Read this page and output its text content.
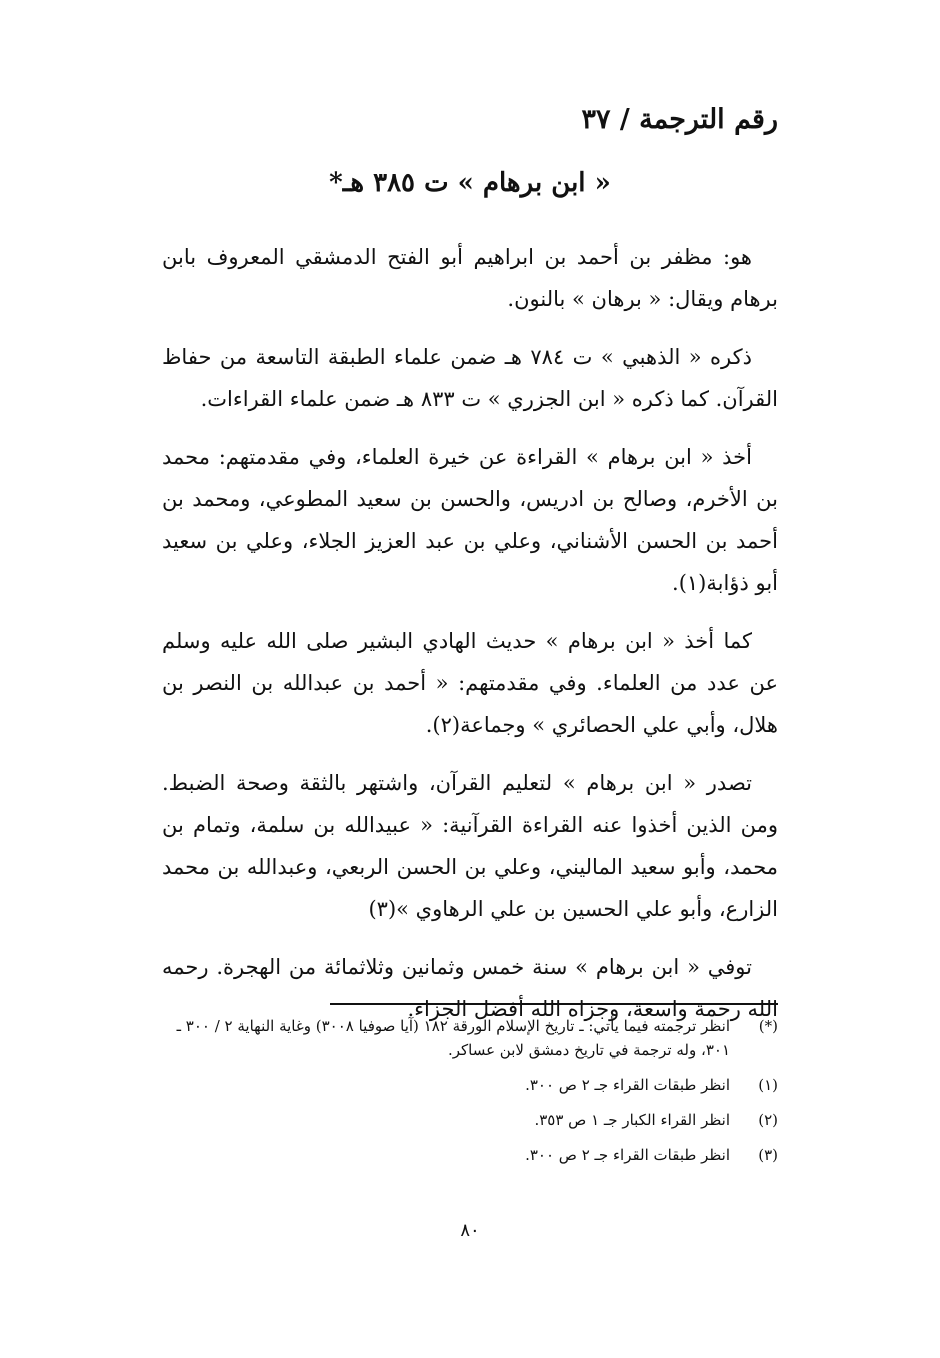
رقم الترجمة / ٣٧
« ابن برهام » ت ٣٨٥ هـ*

هو: مظفر بن أحمد بن ابراهيم أبو الفتح الدمشقي المعروف بابن برهام ويقال: « برهان » بالنون.

ذكره « الذهبي » ت ٧٨٤ هـ ضمن علماء الطبقة التاسعة من حفاظ القرآن. كما ذكره « ابن الجزري » ت ٨٣٣ هـ ضمن علماء القراءات.

أخذ « ابن برهام » القراءة عن خيرة العلماء، وفي مقدمتهم: محمد بن الأخرم، وصالح بن ادريس، والحسن بن سعيد المطوعي، ومحمد بن أحمد بن الحسن الأشناني، وعلي بن عبد العزيز الجلاء، وعلي بن سعيد أبو ذؤابة(١).

كما أخذ « ابن برهام » حديث الهادي البشير صلى الله عليه وسلم عن عدد من العلماء. وفي مقدمتهم: « أحمد بن عبدالله بن النصر بن هلال، وأبي علي الحصائري » وجماعة(٢).

تصدر « ابن برهام » لتعليم القرآن، واشتهر بالثقة وصحة الضبط. ومن الذين أخذوا عنه القراءة القرآنية: « عبيدالله بن سلمة، وتمام بن محمد، وأبو سعيد الماليني، وعلي بن الحسن الربعي، وعبدالله بن محمد الزارع، وأبو علي الحسين بن علي الرهاوي »(٣)

توفي « ابن برهام » سنة خمس وثمانين وثلاثمائة من الهجرة. رحمه الله رحمة واسعة، وجزاه الله أفضل الجزاء.

(*)
انظر ترجمته فيما يأتي: ـ تاريخ الإسلام الورقة ١٨٢ (آيا صوفيا ٣٠٠٨) وغاية النهاية ٢ / ٣٠٠ ـ ٣٠١، وله ترجمة في تاريخ دمشق لابن عساكر.
(١)
انظر طبقات القراء جـ ٢ ص ٣٠٠.
(٢)
انظر القراء الكبار جـ ١ ص ٣٥٣.
(٣)
انظر طبقات القراء جـ ٢ ص ٣٠٠.
٨٠
